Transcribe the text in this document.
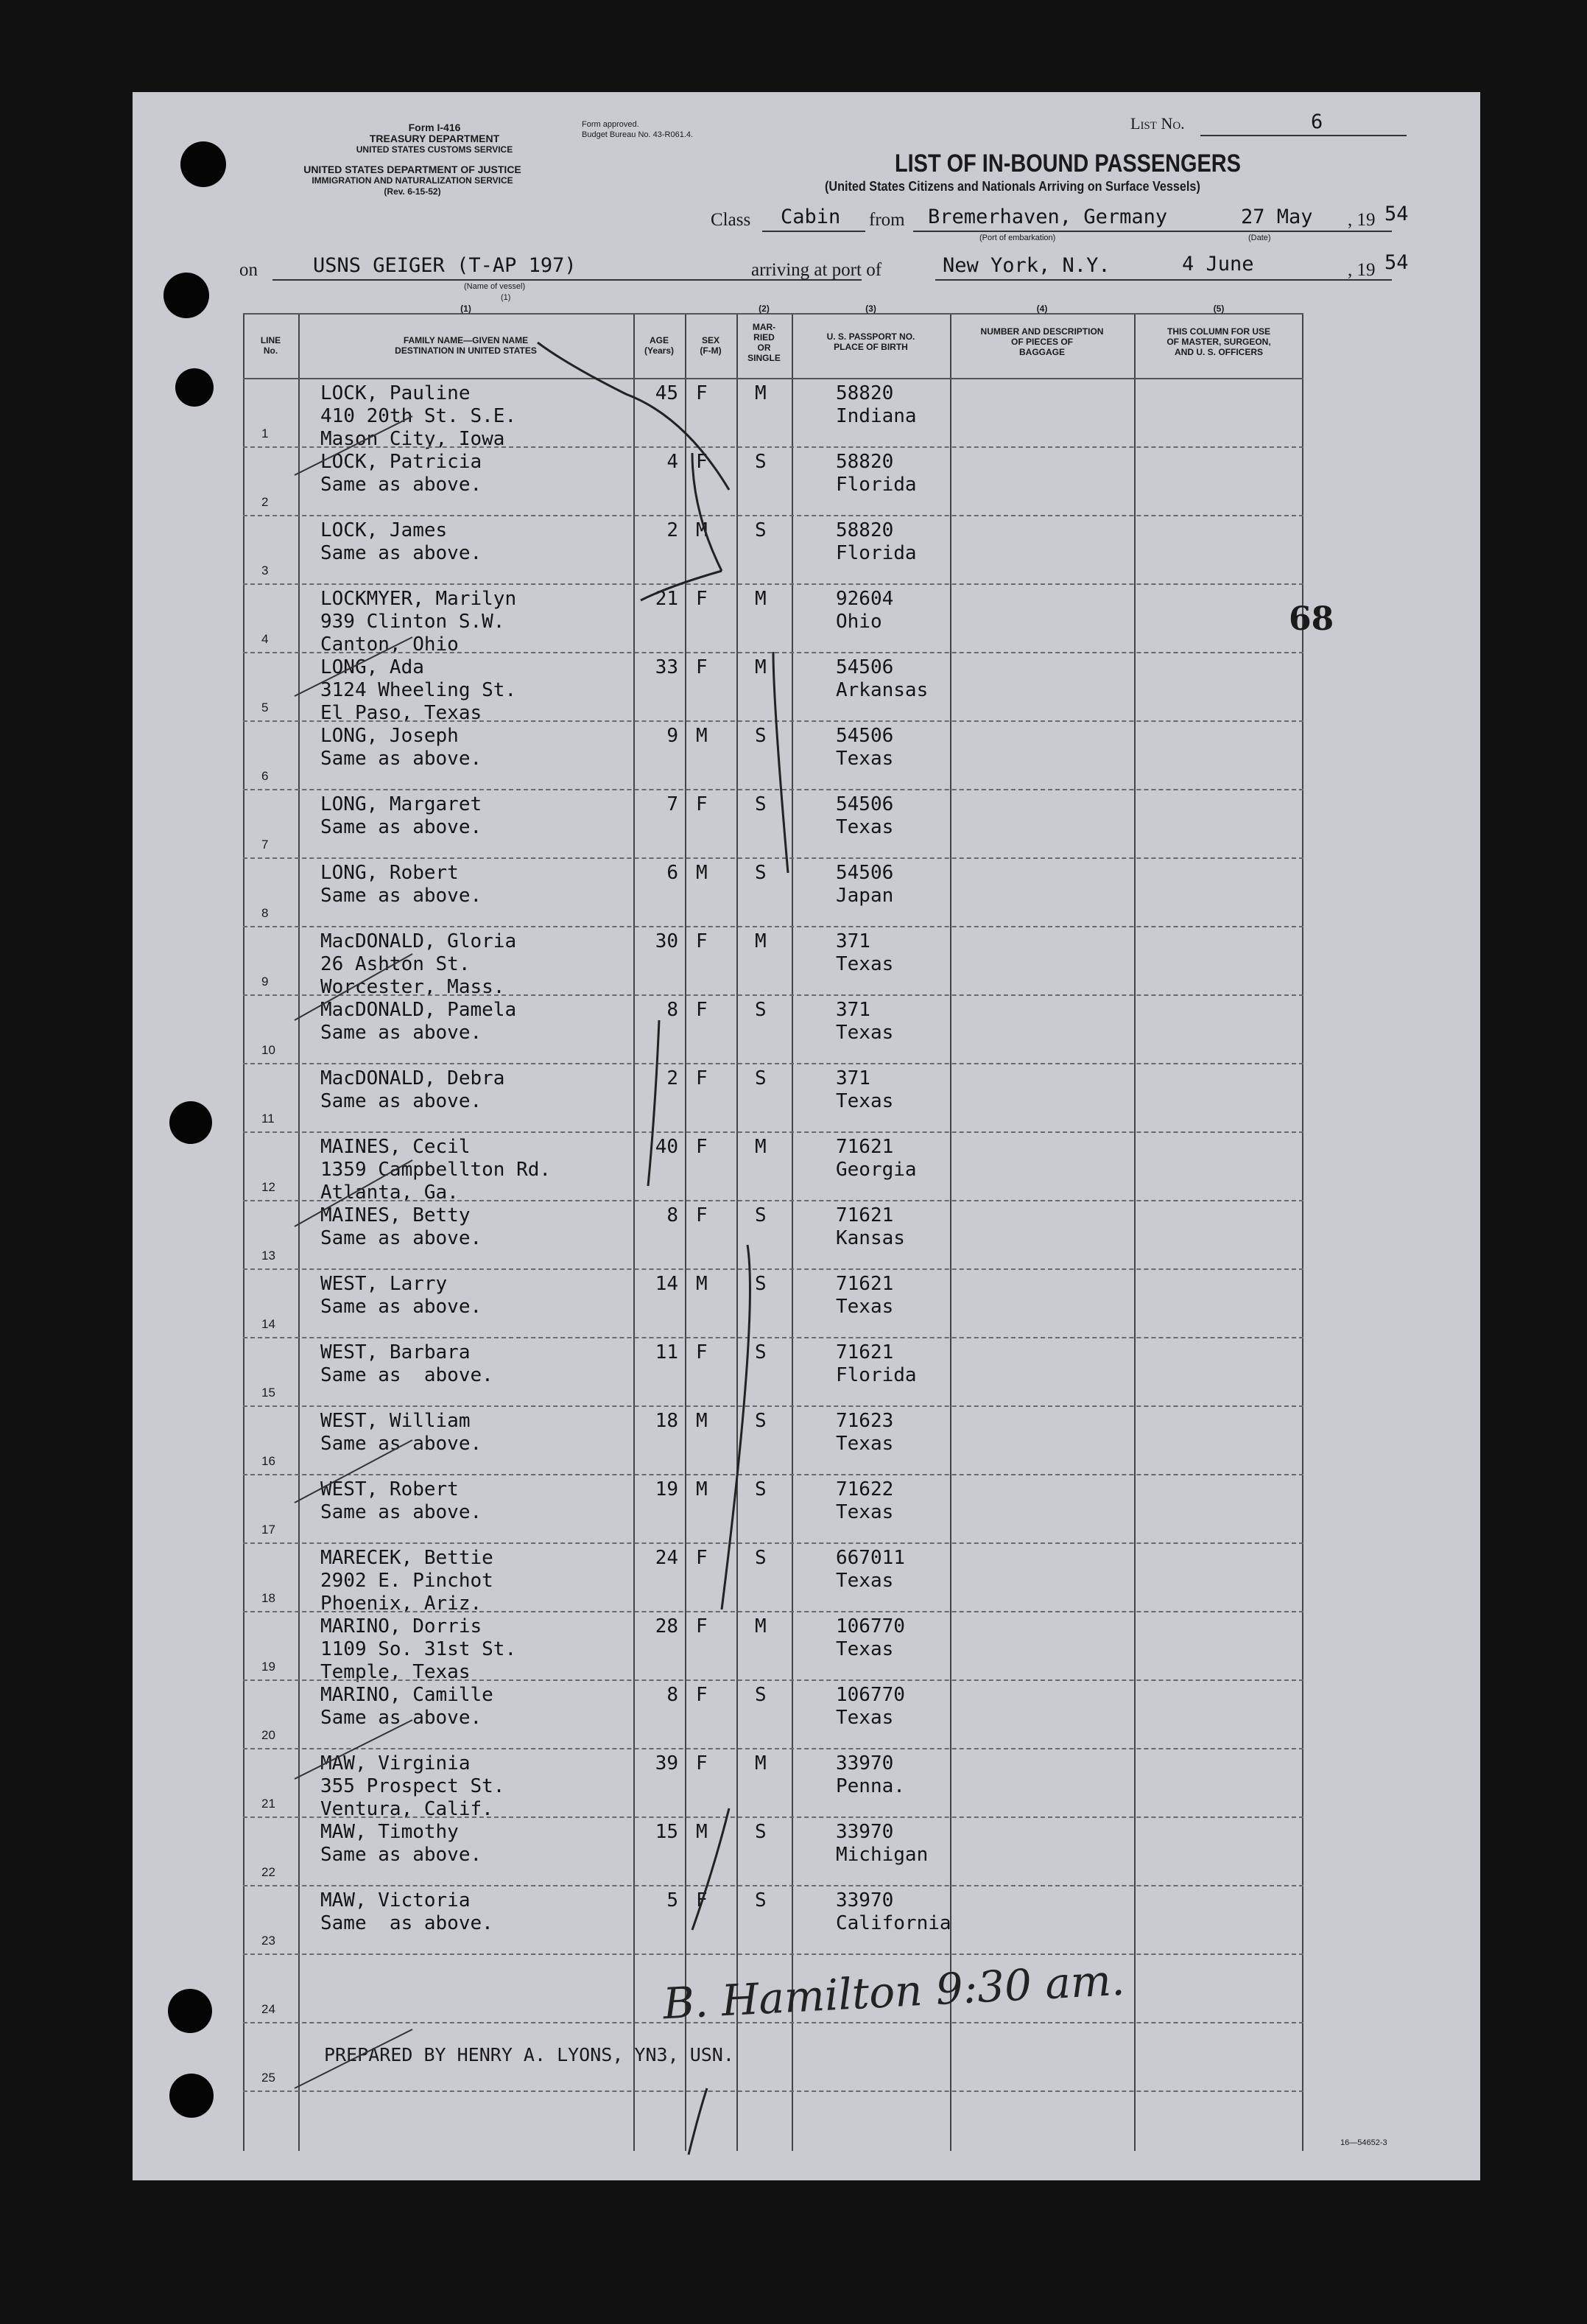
Form I-416
TREASURY DEPARTMENT
UNITED STATES CUSTOMS SERVICE
UNITED STATES DEPARTMENT OF JUSTICE
IMMIGRATION AND NATURALIZATION SERVICE
(Rev. 6-15-52)
Form approved.
Budget Bureau No. 43-R061.4.
List No.	6
LIST OF IN-BOUND PASSENGERS
(United States Citizens and Nationals Arriving on Surface Vessels)
Class Cabin from Bremerhaven, Germany
(Port of embarkation)
27 May
(Date)
, 19 54
on	USNS GEIGER (T-AP 197)
(Name of vessel)
(1)
arriving at port of	New York, N.Y.	4 June	, 19 54
LINE
No.
FAMILY NAME—GIVEN NAME
DESTINATION IN UNITED STATES
(1)
AGE
(Years)
SEX
(F-M)
MAR-
RIED
OR
SINGLE
(2)
U. S. PASSPORT NO.
PLACE OF BIRTH
(3)
NUMBER AND DESCRIPTION
OF PIECES OF
BAGGAGE
(4)
THIS COLUMN FOR USE
OF MASTER, SURGEON,
AND U. S. OFFICERS
(5)
1
LOCK, Pauline
410 20th St. S.E.
Mason City, Iowa
45 F M	58820
Indiana
2
LOCK, Patricia
Same as above.
4 F S	58820
Florida
3
LOCK, James
Same as above.
2 M S	58820
Florida
4
LOCKMYER, Marilyn
939 Clinton S.W.
Canton, Ohio
21 F M	92604
Ohio
5
LONG, Ada
3124 Wheeling St.
El Paso, Texas
33 F M	54506
Arkansas
6
LONG, Joseph
Same as above.
9 M S	54506
Texas
7
LONG, Margaret
Same as above.
7 F S	54506
Texas
8
LONG, Robert
Same as above.
6 M S	54506
Japan
9
MacDONALD, Gloria
26 Ashton St.
Worcester, Mass.
30 F M	371
Texas
10
MacDONALD, Pamela
Same as above.
8 F S	371
Texas
11
MacDONALD, Debra
Same as above.
2 F S	371
Texas
12
MAINES, Cecil
1359 Campbellton Rd.
Atlanta, Ga.
40 F M	71621
Georgia
13
MAINES, Betty
Same as above.
8 F S	71621
Kansas
14
WEST, Larry
Same as above.
14 M S	71621
Texas
15
WEST, Barbara
Same as  above.
11 F S	71621
Florida
16
WEST, William
Same as above.
18 M S	71623
Texas
17
WEST, Robert
Same as above.
19 M S	71622
Texas
18
MARECEK, Bettie
2902 E. Pinchot
Phoenix, Ariz.
24 F S	667011
Texas
19
MARINO, Dorris
1109 So. 31st St.
Temple, Texas
28 F M	106770
Texas
20
MARINO, Camille
Same as above.
8 F S	106770
Texas
21
MAW, Virginia
355 Prospect St.
Ventura, Calif.
39 F M	33970
Penna.
22
MAW, Timothy
Same as above.
15 M S	33970
Michigan
23
MAW, Victoria
Same  as above.
5 F S	33970
California
24
25
68
B. Hamilton 9:30 am.
PREPARED BY HENRY A. LYONS, YN3, USN.
16—54652-3
